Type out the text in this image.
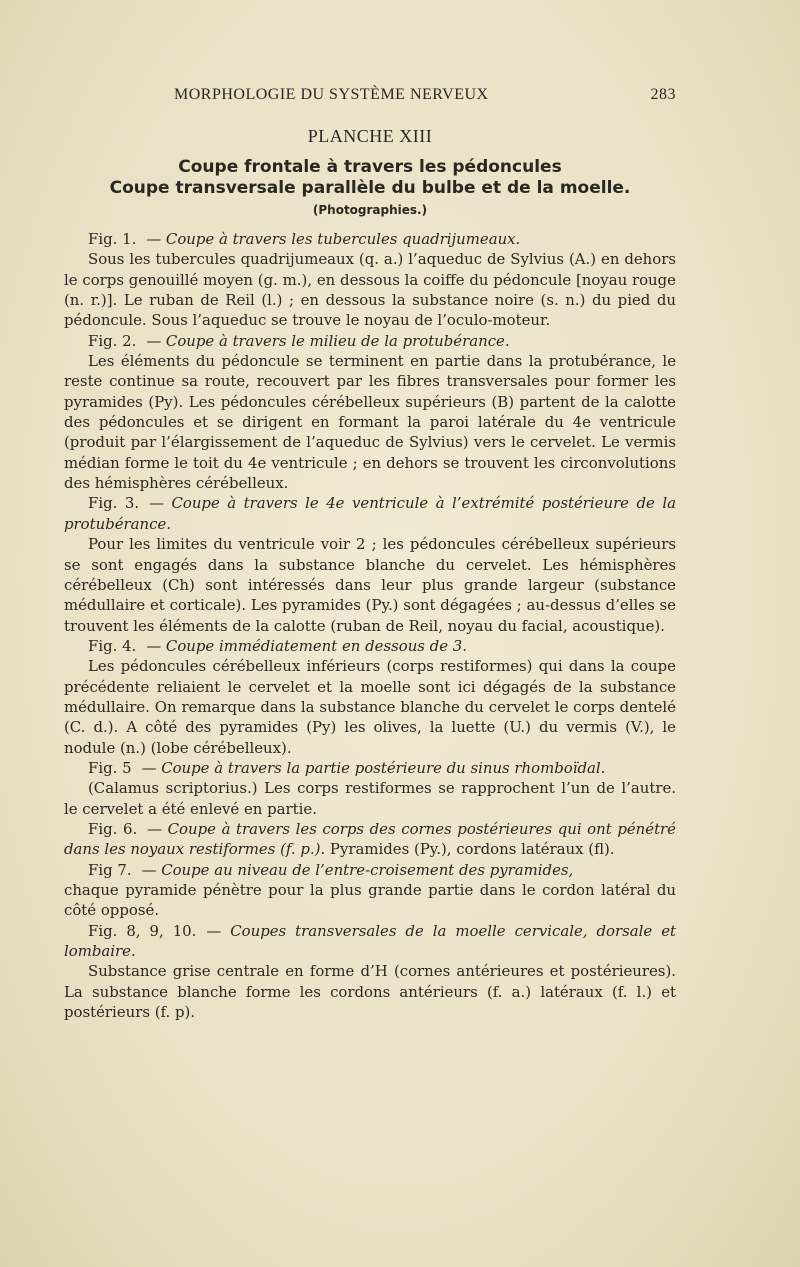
MORPHOLOGIE DU SYSTÈME NERVEUX	283
PLANCHE XIII
Coupe frontale à travers les pédoncules
Coupe transversale parallèle du bulbe et de la moelle.
(Photographies.)

Fig. 1. — Coupe à travers les tubercules quadrijumeaux.

Sous les tubercules quadrijumeaux (q. a.) l’aqueduc de Sylvius (A.) en dehors le corps genouillé moyen (g. m.), en dessous la coiffe du pédoncule [noyau rouge (n. r.)]. Le ruban de Reil (l.) ; en dessous la substance noire (s. n.) du pied du pédoncule. Sous l’aqueduc se trouve le noyau de l’oculo-moteur.

Fig. 2. — Coupe à travers le milieu de la protubérance.

Les éléments du pédoncule se terminent en partie dans la protubérance, le reste continue sa route, recouvert par les fibres transversales pour former les pyramides (Py). Les pédoncules cérébelleux supérieurs (B) partent de la calotte des pédoncules et se dirigent en formant la paroi latérale du 4e ventricule (produit par l’élargissement de l’aqueduc de Sylvius) vers le cervelet. Le vermis médian forme le toit du 4e ventricule ; en dehors se trouvent les circonvolutions des hémisphères cérébelleux.

Fig. 3. — Coupe à travers le 4e ventricule à l’extrémité postérieure de la protubérance.

Pour les limites du ventricule voir 2 ; les pédoncules cérébelleux supérieurs se sont engagés dans la substance blanche du cervelet. Les hémisphères cérébelleux (Ch) sont intéressés dans leur plus grande largeur (substance médullaire et corticale). Les pyramides (Py.) sont dégagées ; au-dessus d’elles se trouvent les éléments de la calotte (ruban de Reil, noyau du facial, acoustique).

Fig. 4. — Coupe immédiatement en dessous de 3.

Les pédoncules cérébelleux inférieurs (corps restiformes) qui dans la coupe précédente reliaient le cervelet et la moelle sont ici dégagés de la substance médullaire. On remarque dans la substance blanche du cervelet le corps dentelé (C. d.). A côté des pyramides (Py) les olives, la luette (U.) du vermis (V.), le nodule (n.) (lobe cérébelleux).

Fig. 5 — Coupe à travers la partie postérieure du sinus rhomboïdal.

(Calamus scriptorius.) Les corps restiformes se rapprochent l’un de l’autre. le cervelet a été enlevé en partie.

Fig. 6. — Coupe à travers les corps des cornes postérieures qui ont pénétré dans les noyaux restiformes (f. p.). Pyramides (Py.), cordons latéraux (fl).

Fig 7. — Coupe au niveau de l’entre-croisement des pyramides,

chaque pyramide pénètre pour la plus grande partie dans le cordon latéral du côté opposé.

Fig. 8, 9, 10. — Coupes transversales de la moelle cervicale, dorsale et lombaire.

Substance grise centrale en forme d’H (cornes antérieures et postérieures). La substance blanche forme les cordons antérieurs (f. a.) latéraux (f. l.) et postérieurs (f. p).
